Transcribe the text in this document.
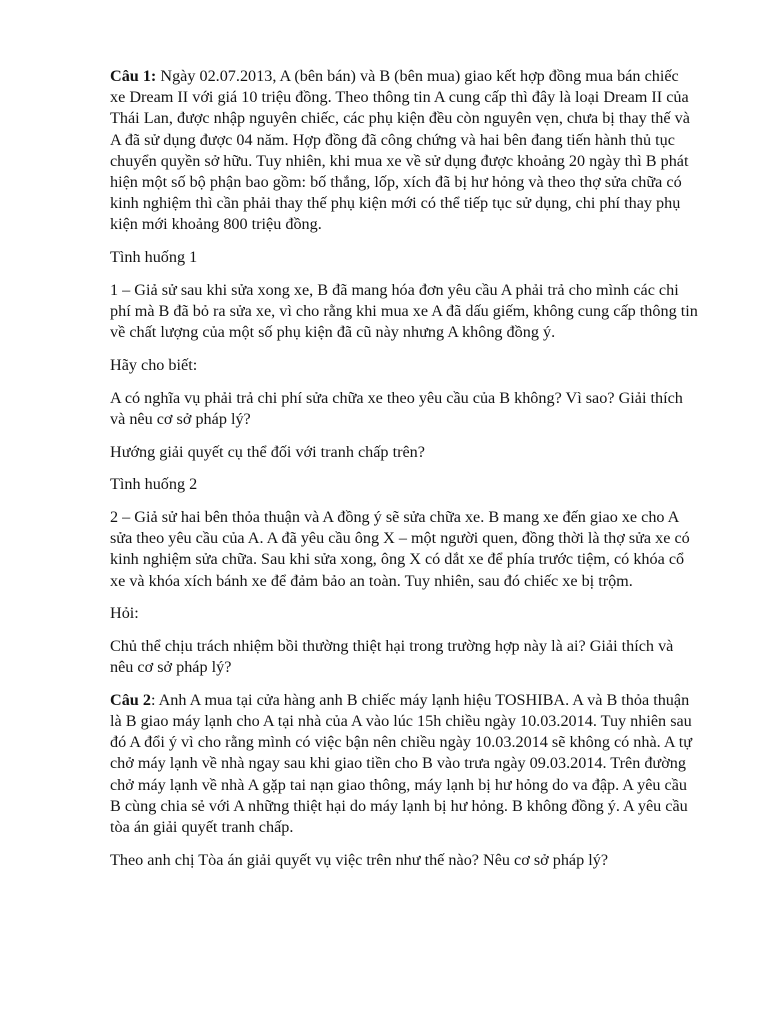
Câu 1: Ngày 02.07.2013, A (bên bán) và B (bên mua) giao kết hợp đồng mua bán chiếc xe Dream II với giá 10 triệu đồng. Theo thông tin A cung cấp thì đây là loại Dream II của Thái Lan, được nhập nguyên chiếc, các phụ kiện đều còn nguyên vẹn, chưa bị thay thế và A đã sử dụng được 04 năm. Hợp đồng đã công chứng và hai bên đang tiến hành thủ tục chuyển quyền sở hữu. Tuy nhiên, khi mua xe về sử dụng được khoảng 20 ngày thì B phát hiện một số bộ phận bao gồm: bố thắng, lốp, xích đã bị hư hỏng và theo thợ sửa chữa có kinh nghiệm thì cần phải thay thế phụ kiện mới có thể tiếp tục sử dụng, chi phí thay phụ kiện mới khoảng 800 triệu đồng.

Tình huống 1

1 – Giả sử sau khi sửa xong xe, B đã mang hóa đơn yêu cầu A phải trả cho mình các chi phí mà B đã bỏ ra sửa xe, vì cho rằng khi mua xe A đã dấu giếm, không cung cấp thông tin về chất lượng của một số phụ kiện đã cũ này nhưng A không đồng ý.

Hãy cho biết:

A có nghĩa vụ phải trả chi phí sửa chữa xe theo yêu cầu của B không? Vì sao? Giải thích và nêu cơ sở pháp lý?

Hướng giải quyết cụ thể đối với tranh chấp trên?

Tình huống 2

2 – Giả sử hai bên thỏa thuận và A đồng ý sẽ sửa chữa xe. B mang xe đến giao xe cho A sửa theo yêu cầu của A. A đã yêu cầu ông X – một người quen, đồng thời là thợ sửa xe có kinh nghiệm sửa chữa. Sau khi sửa xong, ông X có dắt xe để phía trước tiệm, có khóa cổ xe và khóa xích bánh xe để đảm bảo an toàn. Tuy nhiên, sau đó chiếc xe bị trộm.

Hỏi:

Chủ thể chịu trách nhiệm bồi thường thiệt hại trong trường hợp này là ai? Giải thích và nêu cơ sở pháp lý?

Câu 2: Anh A mua tại cửa hàng anh B chiếc máy lạnh hiệu TOSHIBA. A và B thỏa thuận là B giao máy lạnh cho A tại nhà của A vào lúc 15h chiều ngày 10.03.2014. Tuy nhiên sau đó A đổi ý vì cho rằng mình có việc bận nên chiều ngày 10.03.2014 sẽ không có nhà. A tự chở máy lạnh về nhà ngay sau khi giao tiền cho B vào trưa ngày 09.03.2014. Trên đường chở máy lạnh về nhà A gặp tai nạn giao thông, máy lạnh bị hư hỏng do va đập. A yêu cầu B cùng chia sẻ với A những thiệt hại do máy lạnh bị hư hỏng. B không đồng ý. A yêu cầu tòa án giải quyết tranh chấp.

Theo anh chị Tòa án giải quyết vụ việc trên như thế nào? Nêu cơ sở pháp lý?
